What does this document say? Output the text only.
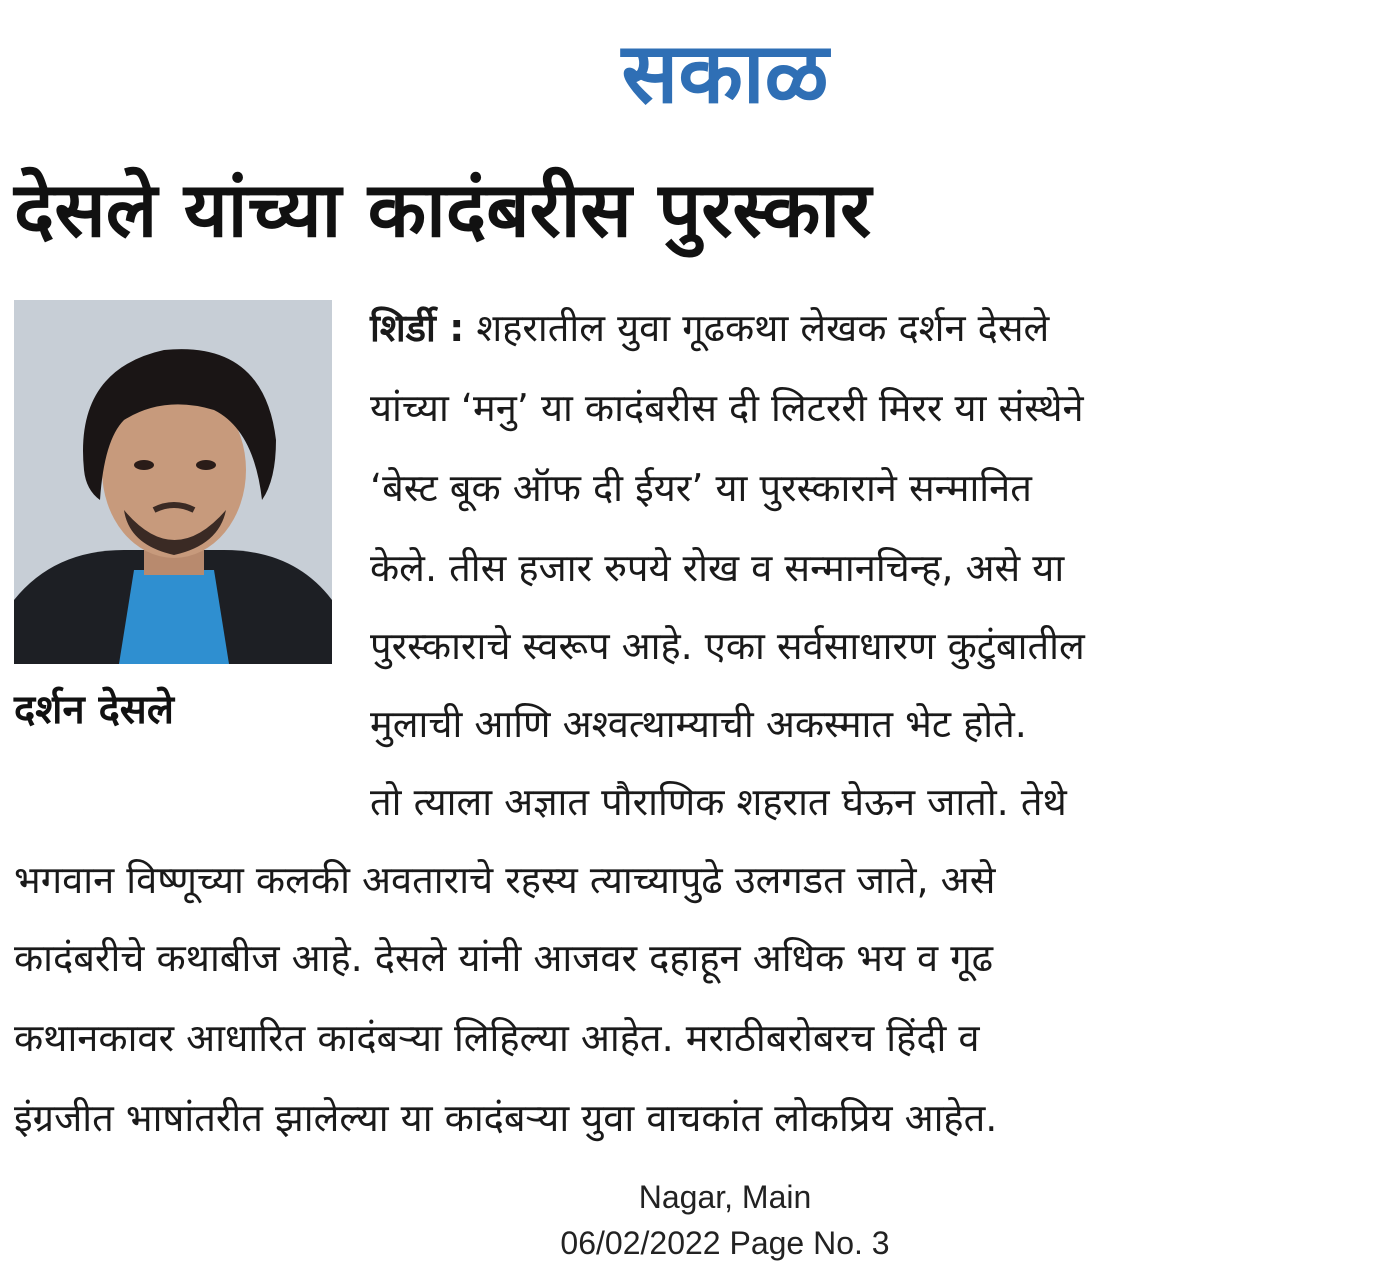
सकाळ
देसले यांच्या कादंबरीस पुरस्कार
दर्शन देसले
शिर्डी : शहरातील युवा गूढकथा लेखक दर्शन देसले
यांच्या ‘मनु’ या कादंबरीस दी लिटररी मिरर या संस्थेने
‘बेस्ट बूक ऑफ दी ईयर’ या पुरस्काराने सन्मानित
केले. तीस हजार रुपये रोख व सन्मानचिन्ह, असे या
पुरस्काराचे स्वरूप आहे. एका सर्वसाधारण कुटुंबातील
मुलाची आणि अश्वत्थाम्याची अकस्मात भेट होते.
तो त्याला अज्ञात पौराणिक शहरात घेऊन जातो. तेथे
भगवान विष्णूच्या कलकी अवताराचे रहस्य त्याच्यापुढे उलगडत जाते, असे
कादंबरीचे कथाबीज आहे. देसले यांनी आजवर दहाहून अधिक भय व गूढ
कथानकावर आधारित कादंबऱ्या लिहिल्या आहेत. मराठीबरोबरच हिंदी व
इंग्रजीत भाषांतरीत झालेल्या या कादंबऱ्या युवा वाचकांत लोकप्रिय आहेत.
Nagar, Main
06/02/2022 Page No. 3
